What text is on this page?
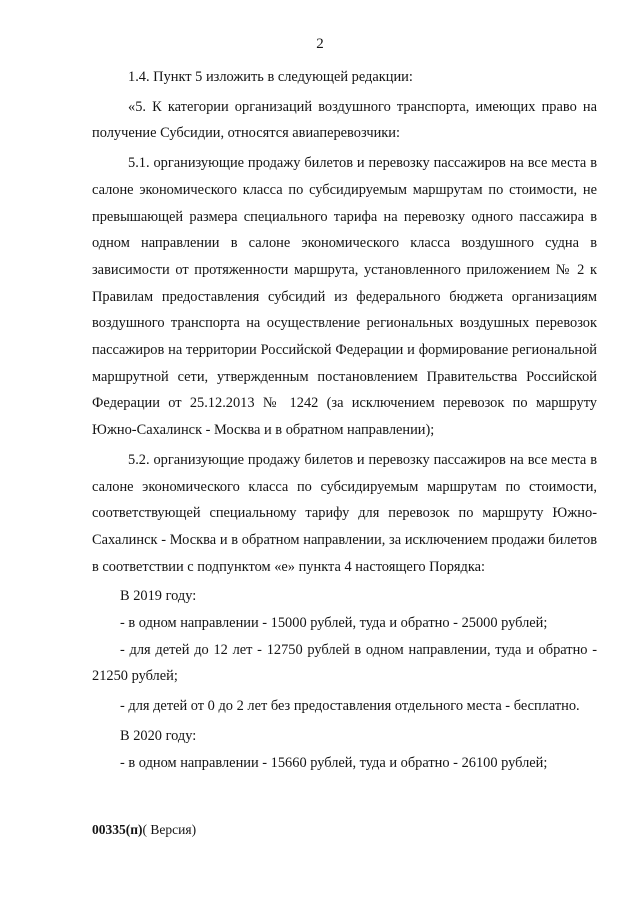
2

1.4. Пункт 5 изложить в следующей редакции:

«5. К категории организаций воздушного транспорта, имеющих право на получение Субсидии, относятся авиаперевозчики:

5.1. организующие продажу билетов и перевозку пассажиров на все места в салоне экономического класса по субсидируемым маршрутам по стоимости, не превышающей размера специального тарифа на перевозку одного пассажира в одном направлении в салоне экономического класса воздушного судна в зависимости от протяженности маршрута, установленного приложением № 2 к Правилам предоставления субсидий из федерального бюджета организациям воздушного транспорта на осуществление региональных воздушных перевозок пассажиров на территории Российской Федерации и формирование региональной маршрутной сети, утвержденным постановлением Правительства Российской Федерации от 25.12.2013 № 1242 (за исключением перевозок по маршруту Южно-Сахалинск - Москва и в обратном направлении);

5.2. организующие продажу билетов и перевозку пассажиров на все места в салоне экономического класса по субсидируемым маршрутам по стоимости, соответствующей специальному тарифу для перевозок по маршруту Южно-Сахалинск - Москва и в обратном направлении, за исключением продажи билетов в соответствии с подпунктом «е» пункта 4 настоящего Порядка:

В 2019 году:

- в одном направлении - 15000 рублей, туда и обратно - 25000 рублей;

- для детей до 12 лет - 12750 рублей в одном направлении, туда и обратно - 21250 рублей;

- для детей от 0 до 2 лет без предоставления отдельного места - бесплатно.

В 2020 году:

- в одном направлении - 15660 рублей, туда и обратно - 26100 рублей;

00335(п)( Версия)
